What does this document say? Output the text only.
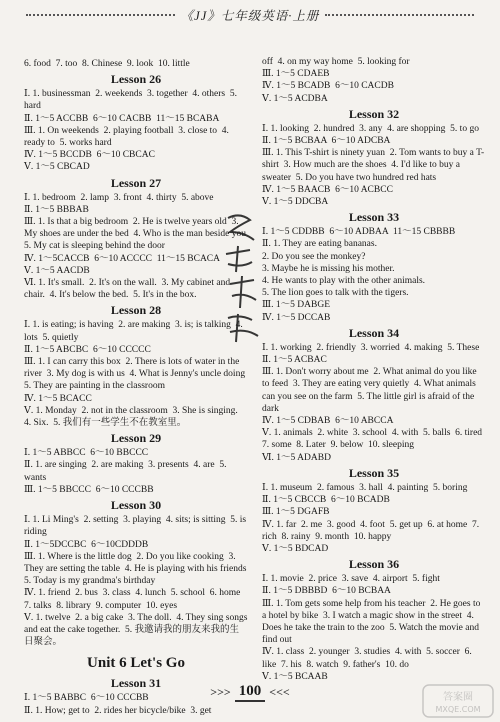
《JJ》七年级英语·上册
6. food  7. too  8. Chinese  9. look  10. little
Lesson 26
Ⅰ. 1. businessman  2. weekends  3. together  4. others  5. hard
Ⅱ. 1～5 ACCBB  6～10 CACBB  11～15 BCABA
Ⅲ. 1. On weekends  2. playing football  3. close to  4. ready to  5. works hard
Ⅳ. 1～5 BCCDB  6～10 CBCAC
Ⅴ. 1～5 CBCAD
Lesson 27
Ⅰ. 1. bedroom  2. lamp  3. front  4. thirty  5. above
Ⅱ. 1～5 BBBAB
Ⅲ. 1. Is that a big bedroom  2. He is twelve years old  3. My shoes are under the bed  4. Who is the man beside you  5. My cat is sleeping behind the door
Ⅳ. 1～5CACCB  6～10 ACCCC  11～15 BCACA
Ⅴ. 1～5 AACDB
Ⅵ. 1. It's small.  2. It's on the wall.  3. My cabinet and chair.  4. It's below the bed.  5. It's in the box.
Lesson 28
Ⅰ. 1. is eating; is having  2. are making  3. is; is talking  4. lots  5. quietly
Ⅱ. 1～5 ABCBC  6～10 CCCCC
Ⅲ. 1. I can carry this box  2. There is lots of water in the river  3. My dog is with us  4. What is Jenny's uncle doing  5. They are painting in the classroom
Ⅳ. 1～5 BCACC
Ⅴ. 1. Monday  2. not in the classroom  3. She is singing.  4. Six.  5. 我们有一些学生不在教室里。
Lesson 29
Ⅰ. 1～5 ABBCC  6～10 BBCCC
Ⅱ. 1. are singing  2. are making  3. presents  4. are  5. wants
Ⅲ. 1～5 BBCCC  6～10 CCCBB
Lesson 30
Ⅰ. 1. Li Ming's  2. setting  3. playing  4. sits; is sitting  5. is riding
Ⅱ. 1～5DCCBC  6～10CDDDB
Ⅲ. 1. Where is the little dog  2. Do you like cooking  3. They are setting the table  4. He is playing with his friends  5. Today is my grandma's birthday
Ⅳ. 1. friend  2. bus  3. class  4. lunch  5. school  6. home  7. talks  8. library  9. computer  10. eyes
Ⅴ. 1. twelve  2. a big cake  3. The doll.  4. They sing songs and eat the cake together.  5. 我邀请我的朋友来我的生日聚会。
Unit 6 Let's Go
Lesson 31
Ⅰ. 1～5 BABBC  6～10 CCCBB
Ⅱ. 1. How; get to  2. rides her bicycle/bike  3. get
off  4. on my way home  5. looking for
Ⅲ. 1～5 CDAEB
Ⅳ. 1～5 BCADB  6～10 CACDB
Ⅴ. 1～5 ACDBA
Lesson 32
Ⅰ. 1. looking  2. hundred  3. any  4. are shopping  5. to go
Ⅱ. 1～5 BCBAA  6～10 ADCBA
Ⅲ. 1. This T-shirt is ninety yuan  2. Tom wants to buy a T-shirt  3. How much are the shoes  4. I'd like to buy a sweater  5. Do you have two hundred red hats
Ⅳ. 1～5 BAACB  6～10 ACBCC
Ⅴ. 1～5 DDCBA
Lesson 33
Ⅰ. 1～5 CDDBB  6～10 ADBAA  11～15 CBBBB
Ⅱ. 1. They are eating bananas.
2. Do you see the monkey?
3. Maybe he is missing his mother.
4. He wants to play with the other animals.
5. The lion goes to talk with the tigers.
Ⅲ. 1～5 DABGE
Ⅳ. 1～5 DCCAB
Lesson 34
Ⅰ. 1. working  2. friendly  3. worried  4. making  5. These
Ⅱ. 1～5 ACBAC
Ⅲ. 1. Don't worry about me  2. What animal do you like to feed  3. They are eating very quietly  4. What animals can you see on the farm  5. The little girl is afraid of the dark
Ⅳ. 1～5 CDBAB  6～10 ABCCA
Ⅴ. 1. animals  2. white  3. school  4. with  5. balls  6. tired  7. some  8. Later  9. below  10. sleeping
Ⅵ. 1～5 ADABD
Lesson 35
Ⅰ. 1. museum  2. famous  3. hall  4. painting  5. boring
Ⅱ. 1～5 CBCCB  6～10 BCADB
Ⅲ. 1～5 DGAFB
Ⅳ. 1. far  2. me  3. good  4. foot  5. get up  6. at home  7. rich  8. rainy  9. month  10. happy
Ⅴ. 1～5 BDCAD
Lesson 36
Ⅰ. 1. movie  2. price  3. save  4. airport  5. fight
Ⅱ. 1～5 DBBBD  6～10 BCBAA
Ⅲ. 1. Tom gets some help from his teacher  2. He goes to a hotel by bike  3. I watch a magic show in the street  4. Does he take the train to the zoo  5. Watch the movie and find out
Ⅳ. 1. class  2. younger  3. studies  4. with  5. soccer  6. like  7. his  8. watch  9. father's  10. do
Ⅴ. 1～5 BCAAB
>>> 100 <<<	答案圈
MXQE.COM
